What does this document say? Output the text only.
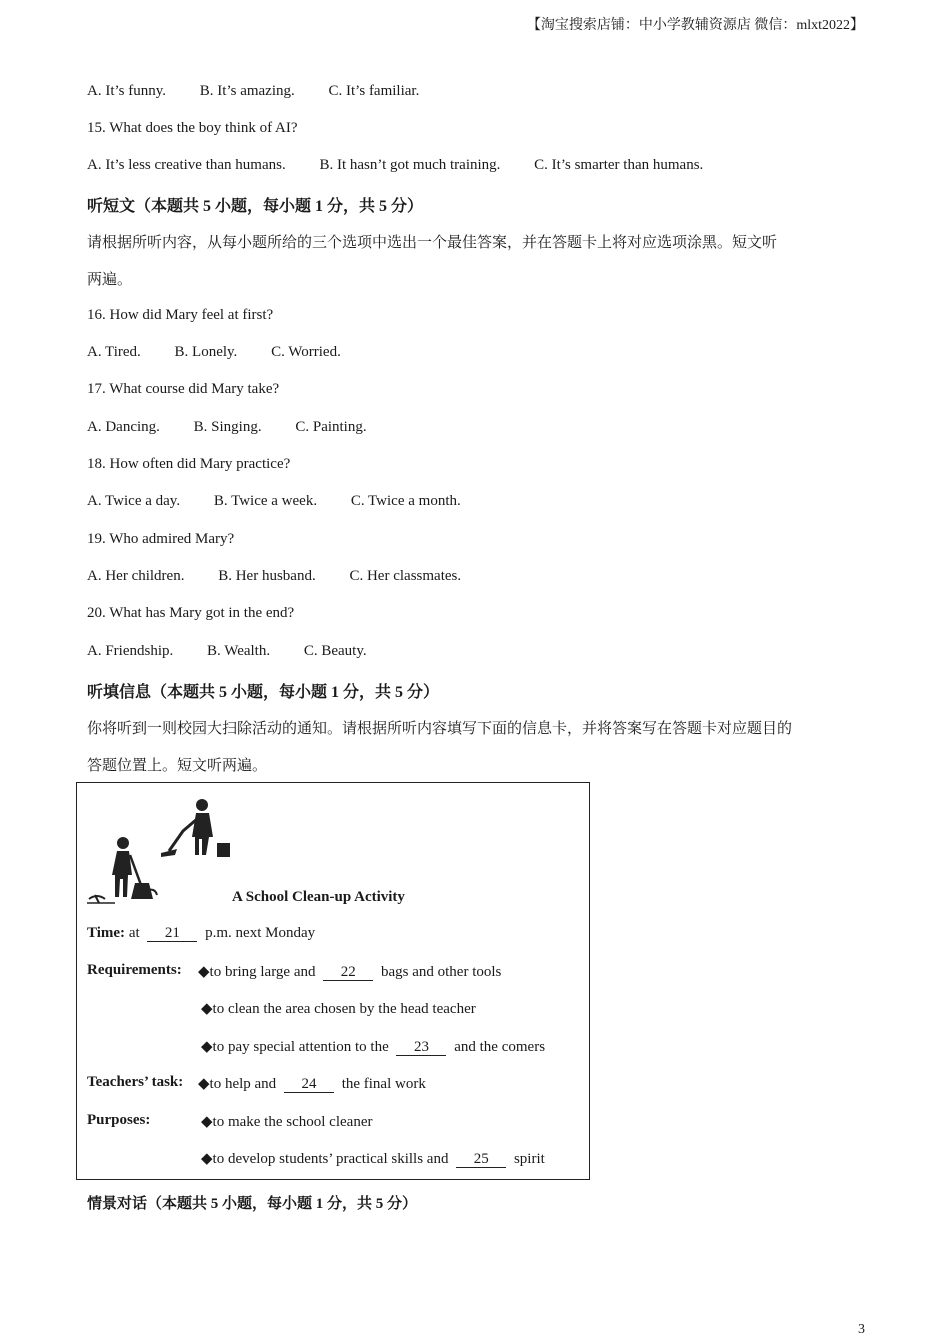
【淘宝搜索店铺：中小学教辅资源店 微信：mlxt2022】
A. It’s funny. B. It’s amazing. C. It’s familiar.
15. What does the boy think of AI?
A. It’s less creative than humans. B. It hasn’t got much training. C. It’s smarter than humans.
听短文（本题共 5 小题，每小题 1 分，共 5 分）
请根据所听内容，从每小题所给的三个选项中选出一个最佳答案，并在答题卡上将对应选项涂黑。短文听
两遍。
16. How did Mary feel at first?
A. Tired. B. Lonely. C. Worried.
17. What course did Mary take?
A. Dancing. B. Singing. C. Painting.
18. How often did Mary practice?
A. Twice a day. B. Twice a week. C. Twice a month.
19. Who admired Mary?
A. Her children. B. Her husband. C. Her classmates.
20. What has Mary got in the end?
A. Friendship. B. Wealth. C. Beauty.
听填信息（本题共 5 小题，每小题 1 分，共 5 分）
你将听到一则校园大扫除活动的通知。请根据所听内容填写下面的信息卡，并将答案写在答题卡对应题目的
答题位置上。短文听两遍。
A School Clean-up Activity
Time: at 21 p.m. next Monday
Requirements: ◆to bring large and 22 bags and other tools
◆to clean the area chosen by the head teacher
◆to pay special attention to the 23 and the comers
Teachers’ task: ◆to help and 24 the final work
Purposes:	◆to make the school cleaner
◆to develop students’ practical skills and 25 spirit
情景对话（本题共 5 小题，每小题 1 分，共 5 分）
3
